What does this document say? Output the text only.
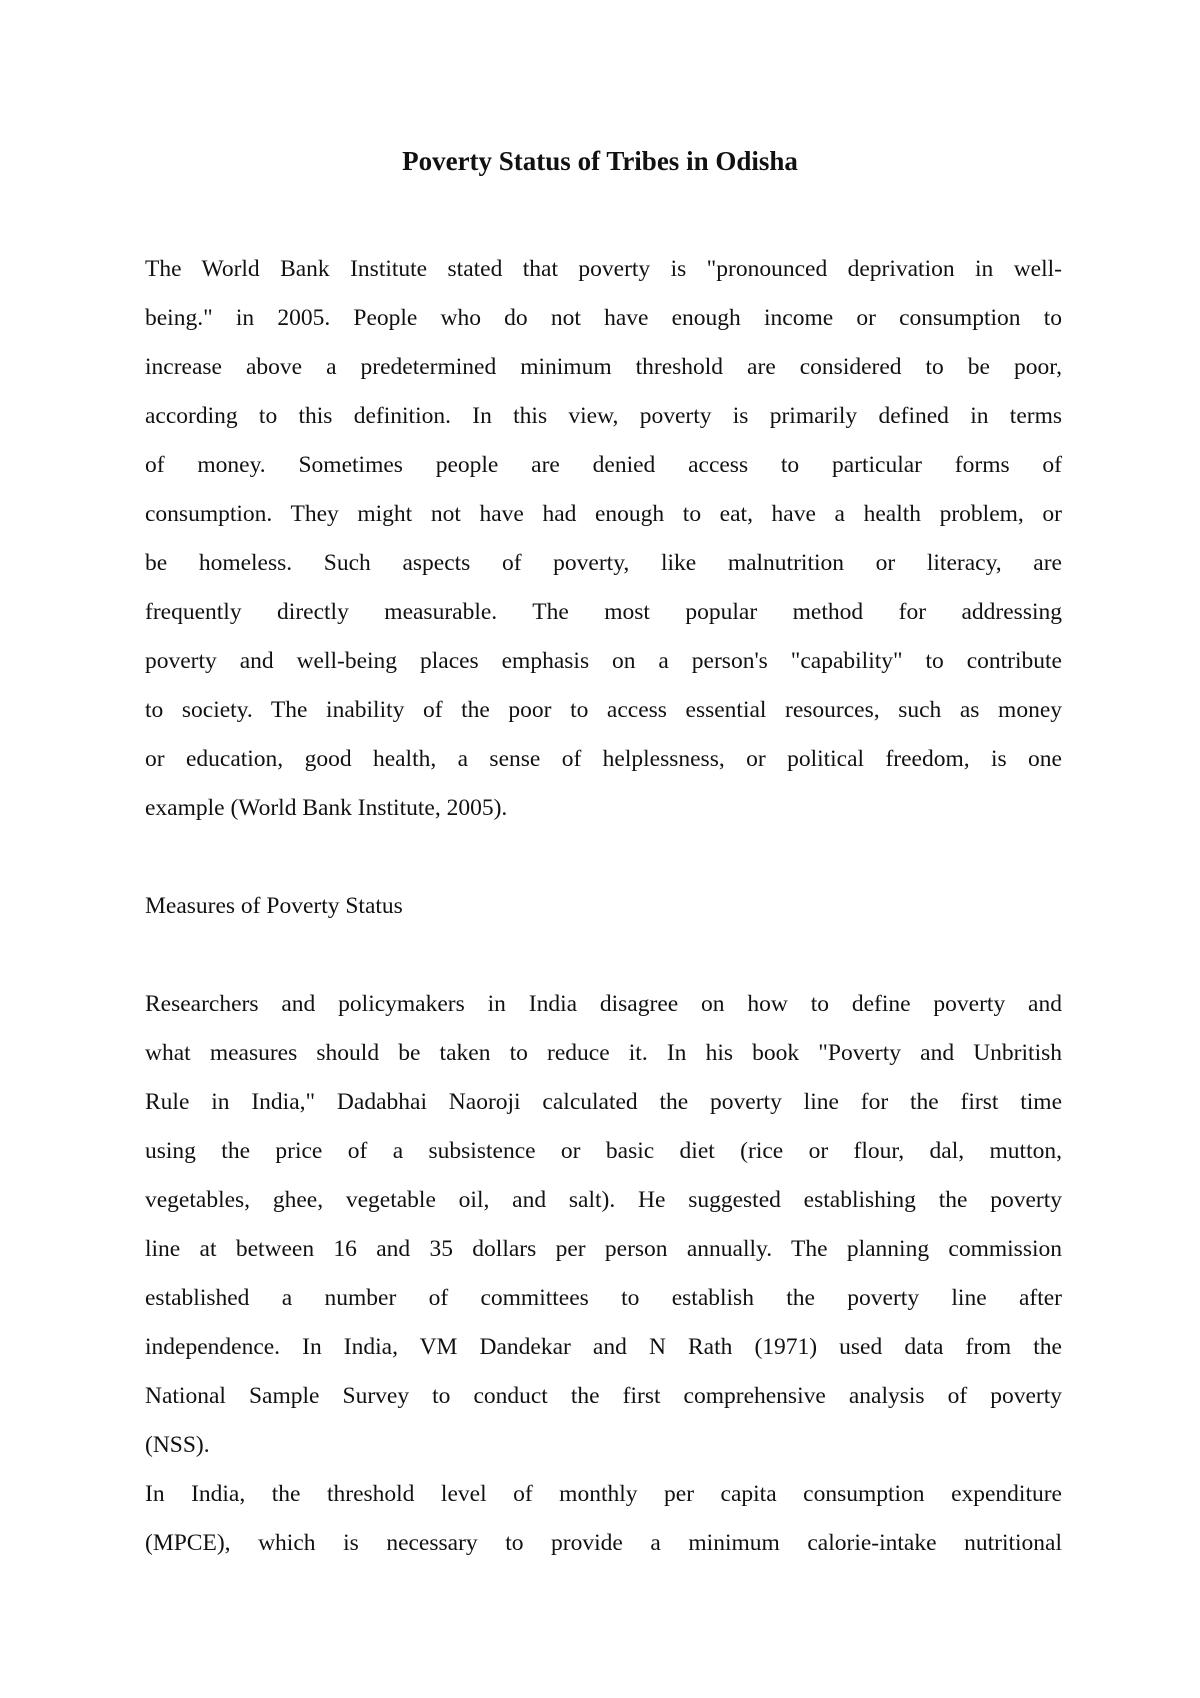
Poverty Status of Tribes in Odisha
The World Bank Institute stated that poverty is "pronounced deprivation in well-
being." in 2005. People who do not have enough income or consumption to
increase above a predetermined minimum threshold are considered to be poor,
according to this definition. In this view, poverty is primarily defined in terms
of money. Sometimes people are denied access to particular forms of
consumption. They might not have had enough to eat, have a health problem, or
be homeless. Such aspects of poverty, like malnutrition or literacy, are
frequently directly measurable. The most popular method for addressing
poverty and well-being places emphasis on a person's "capability" to contribute
to society. The inability of the poor to access essential resources, such as money
or education, good health, a sense of helplessness, or political freedom, is one
example (World Bank Institute, 2005).
Measures of Poverty Status
Researchers and policymakers in India disagree on how to define poverty and
what measures should be taken to reduce it. In his book "Poverty and Unbritish
Rule in India," Dadabhai Naoroji calculated the poverty line for the first time
using the price of a subsistence or basic diet (rice or flour, dal, mutton,
vegetables, ghee, vegetable oil, and salt). He suggested establishing the poverty
line at between 16 and 35 dollars per person annually. The planning commission
established a number of committees to establish the poverty line after
independence. In India, VM Dandekar and N Rath (1971) used data from the
National Sample Survey to conduct the first comprehensive analysis of poverty
(NSS).
In India, the threshold level of monthly per capita consumption expenditure
(MPCE), which is necessary to provide a minimum calorie-intake nutritional
